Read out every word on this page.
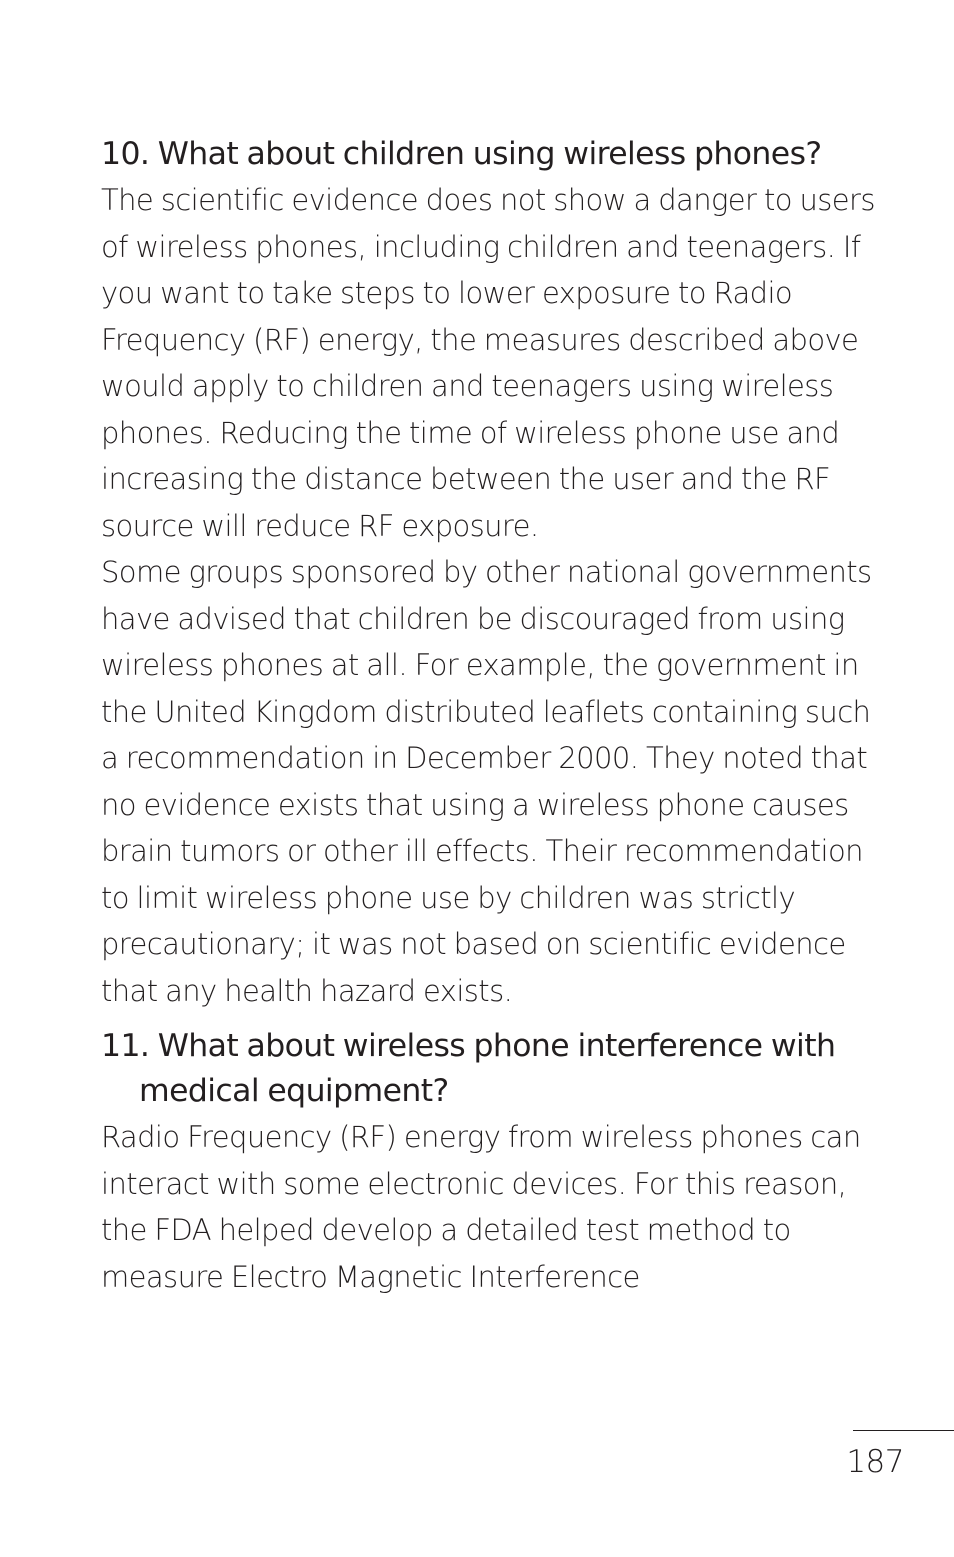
10. What about children using wireless phones?

The scientific evidence does not show a danger to users of wireless phones, including children and teenagers. If you want to take steps to lower exposure to Radio Frequency (RF) energy, the measures described above would apply to children and teenagers using wireless phones. Reducing the time of wireless phone use and increasing the distance between the user and the RF source will reduce RF exposure.

Some groups sponsored by other national governments have advised that children be discouraged from using wireless phones at all. For example, the government in the United Kingdom distributed leaflets containing such a recommendation in December 2000. They noted that no evidence exists that using a wireless phone causes brain tumors or other ill effects. Their recommendation to limit wireless phone use by children was strictly precautionary; it was not based on scientific evidence that any health hazard exists.

11. What about wireless phone interference with medical equipment?

Radio Frequency (RF) energy from wireless phones can interact with some electronic devices. For this reason, the FDA helped develop a detailed test method to measure Electro Magnetic Interference

187
